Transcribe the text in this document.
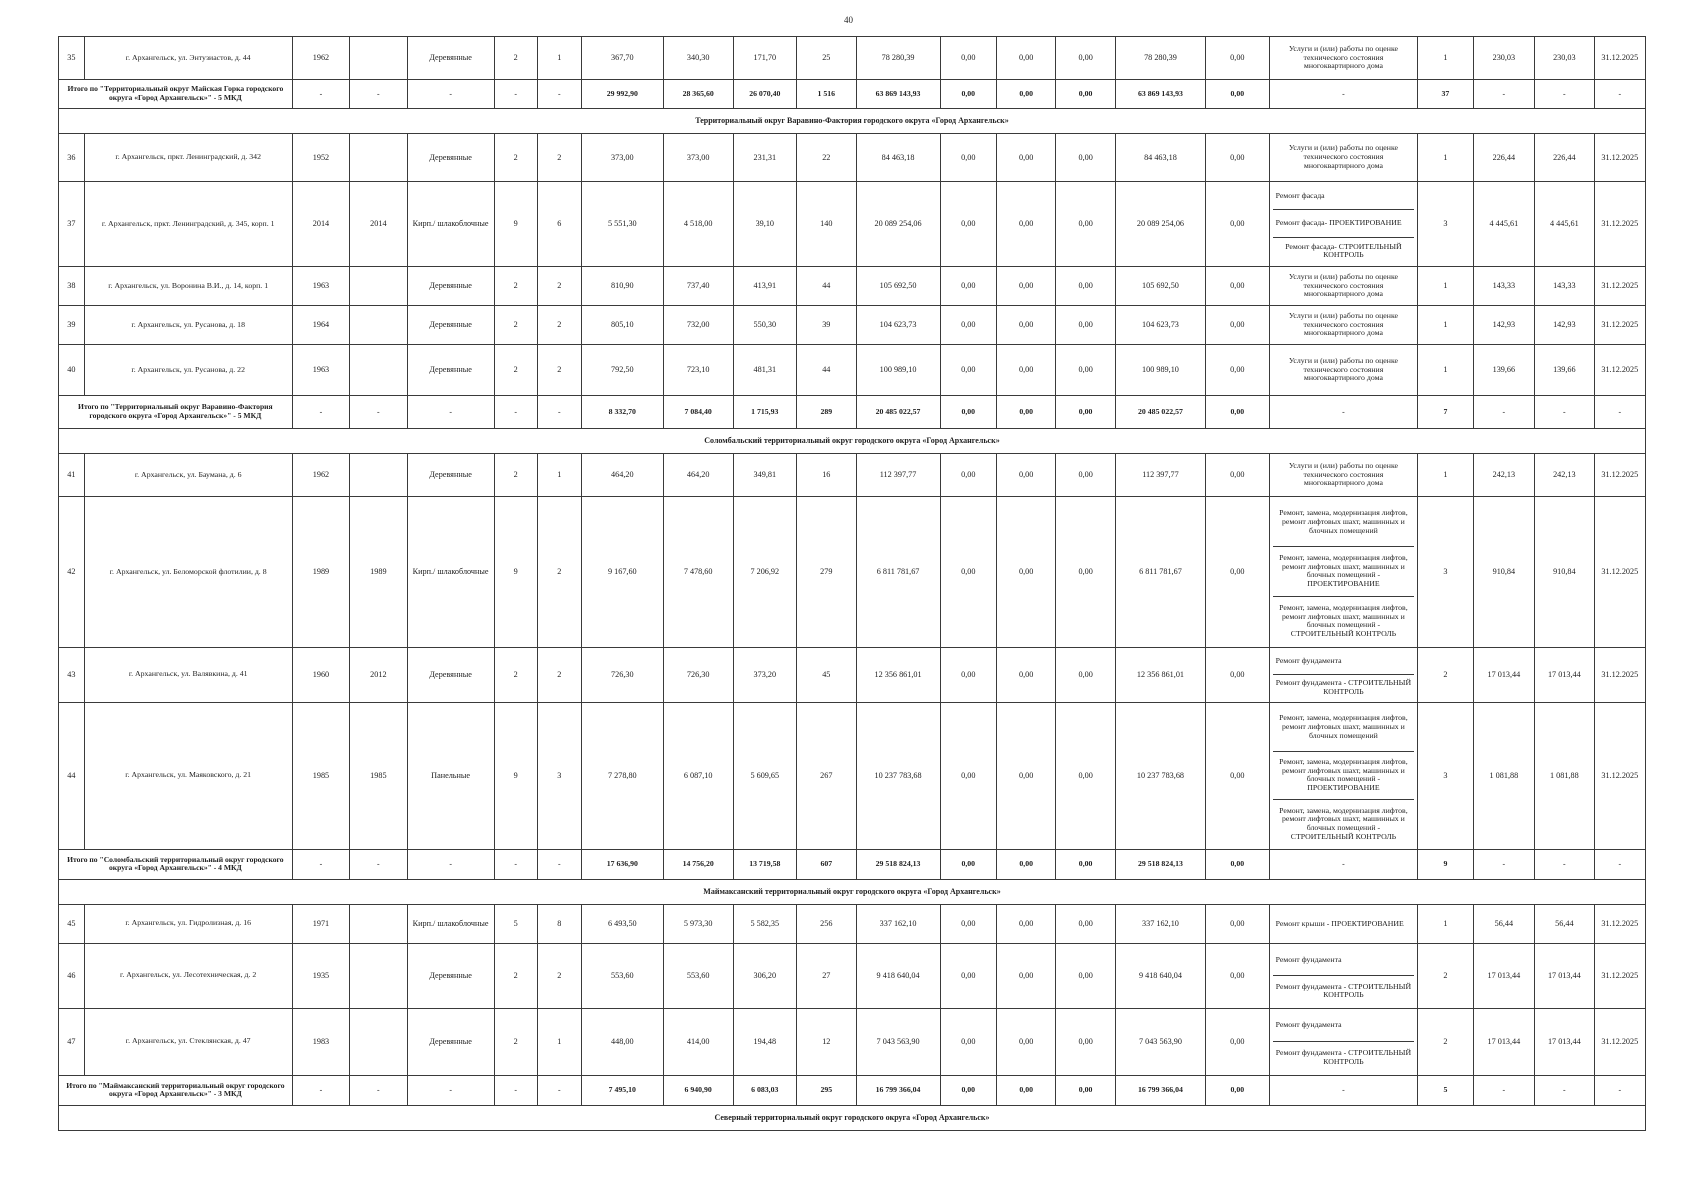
40
35	г. Архангельск, ул. Энтузиастов, д. 44	1962		Деревянные	2	1	367,70	340,30	171,70	25	78 280,39	0,00	0,00	0,00	78 280,39	0,00	Услуги и (или) работы по оценке технического состояния многоквартирного дома	1	230,03	230,03	31.12.2025
Итого по "Территориальный округ Майская Горка городского округа «Город Архангельск»" - 5 МКД		-	-	-	-	-	29 992,90	28 365,60	26 070,40	1 516	63 869 143,93	0,00	0,00	0,00	63 869 143,93	0,00	-	37	-	-	-
Территориальный округ Варавино-Фактория городского округа «Город Архангельск»																					
36	г. Архангельск, пркт. Ленинградский, д. 342	1952		Деревянные	2	2	373,00	373,00	231,31	22	84 463,18	0,00	0,00	0,00	84 463,18	0,00	Услуги и (или) работы по оценке технического состояния многоквартирного дома	1	226,44	226,44	31.12.2025
37	г. Архангельск, пркт. Ленинградский, д. 345, корп. 1	2014	2014	Кирп./ шлакоблочные	9	6	5 551,30	4 518,00	39,10	140	20 089 254,06	0,00	0,00	0,00	20 089 254,06	0,00	Ремонт фасада
Ремонт фасада- ПРОЕКТИРОВАНИЕ
Ремонт фасада- СТРОИТЕЛЬНЫЙ КОНТРОЛЬ	3	4 445,61	4 445,61	31.12.2025
38	г. Архангельск, ул. Воронина В.И., д. 14, корп. 1	1963		Деревянные	2	2	810,90	737,40	413,91	44	105 692,50	0,00	0,00	0,00	105 692,50	0,00	Услуги и (или) работы по оценке технического состояния многоквартирного дома	1	143,33	143,33	31.12.2025
39	г. Архангельск, ул. Русанова, д. 18	1964		Деревянные	2	2	805,10	732,00	550,30	39	104 623,73	0,00	0,00	0,00	104 623,73	0,00	Услуги и (или) работы по оценке технического состояния многоквартирного дома	1	142,93	142,93	31.12.2025
40	г. Архангельск, ул. Русанова, д. 22	1963		Деревянные	2	2	792,50	723,10	481,31	44	100 989,10	0,00	0,00	0,00	100 989,10	0,00	Услуги и (или) работы по оценке технического состояния многоквартирного дома	1	139,66	139,66	31.12.2025
Итого по "Территориальный округ Варавино-Фактория городского округа «Город Архангельск»" - 5 МКД		-	-	-	-	-	8 332,70	7 084,40	1 715,93	289	20 485 022,57	0,00	0,00	0,00	20 485 022,57	0,00	-	7	-	-	-
Соломбальский территориальный округ городского округа «Город Архангельск»																					
41	г. Архангельск, ул. Баумана, д. 6	1962		Деревянные	2	1	464,20	464,20	349,81	16	112 397,77	0,00	0,00	0,00	112 397,77	0,00	Услуги и (или) работы по оценке технического состояния многоквартирного дома	1	242,13	242,13	31.12.2025
42	г. Архангельск, ул. Беломорской флотилии, д. 8	1989	1989	Кирп./ шлакоблочные	9	2	9 167,60	7 478,60	7 206,92	279	6 811 781,67	0,00	0,00	0,00	6 811 781,67	0,00	Ремонт, замена, модернизация лифтов, ремонт лифтовых шахт, машинных и блочных помещений
Ремонт, замена, модернизация лифтов, ремонт лифтовых шахт, машинных и блочных помещений - ПРОЕКТИРОВАНИЕ
Ремонт, замена, модернизация лифтов, ремонт лифтовых шахт, машинных и блочных помещений - СТРОИТЕЛЬНЫЙ КОНТРОЛЬ	3	910,84	910,84	31.12.2025
43	г. Архангельск, ул. Валявкина, д. 41	1960	2012	Деревянные	2	2	726,30	726,30	373,20	45	12 356 861,01	0,00	0,00	0,00	12 356 861,01	0,00	Ремонт фундамента
Ремонт фундамента - СТРОИТЕЛЬНЫЙ КОНТРОЛЬ	2	17 013,44	17 013,44	31.12.2025
44	г. Архангельск, ул. Маяковского, д. 21	1985	1985	Панельные	9	3	7 278,80	6 087,10	5 609,65	267	10 237 783,68	0,00	0,00	0,00	10 237 783,68	0,00	Ремонт, замена, модернизация лифтов, ремонт лифтовых шахт, машинных и блочных помещений
Ремонт, замена, модернизация лифтов, ремонт лифтовых шахт, машинных и блочных помещений - ПРОЕКТИРОВАНИЕ
Ремонт, замена, модернизация лифтов, ремонт лифтовых шахт, машинных и блочных помещений - СТРОИТЕЛЬНЫЙ КОНТРОЛЬ	3	1 081,88	1 081,88	31.12.2025
Итого по "Соломбальский территориальный округ городского округа «Город Архангельск»" - 4 МКД		-	-	-	-	-	17 636,90	14 756,20	13 719,58	607	29 518 824,13	0,00	0,00	0,00	29 518 824,13	0,00	-	9	-	-	-
Маймаксанский территориальный округ городского округа «Город Архангельск»																					
45	г. Архангельск, ул. Гидролизная, д. 16	1971		Кирп./ шлакоблочные	5	8	6 493,50	5 973,30	5 582,35	256	337 162,10	0,00	0,00	0,00	337 162,10	0,00	Ремонт крыши - ПРОЕКТИРОВАНИЕ	1	56,44	56,44	31.12.2025
46	г. Архангельск, ул. Лесотехническая, д. 2	1935		Деревянные	2	2	553,60	553,60	306,20	27	9 418 640,04	0,00	0,00	0,00	9 418 640,04	0,00	Ремонт фундамента
Ремонт фундамента - СТРОИТЕЛЬНЫЙ КОНТРОЛЬ	2	17 013,44	17 013,44	31.12.2025
47	г. Архангельск, ул. Стеклянская, д. 47	1983		Деревянные	2	1	448,00	414,00	194,48	12	7 043 563,90	0,00	0,00	0,00	7 043 563,90	0,00	Ремонт фундамента
Ремонт фундамента - СТРОИТЕЛЬНЫЙ КОНТРОЛЬ	2	17 013,44	17 013,44	31.12.2025
Итого по "Маймаксанский территориальный округ городского округа «Город Архангельск»" - 3 МКД		-	-	-	-	-	7 495,10	6 940,90	6 083,03	295	16 799 366,04	0,00	0,00	0,00	16 799 366,04	0,00	-	5	-	-	-
Северный территориальный округ городского округа «Город Архангельск»																					
